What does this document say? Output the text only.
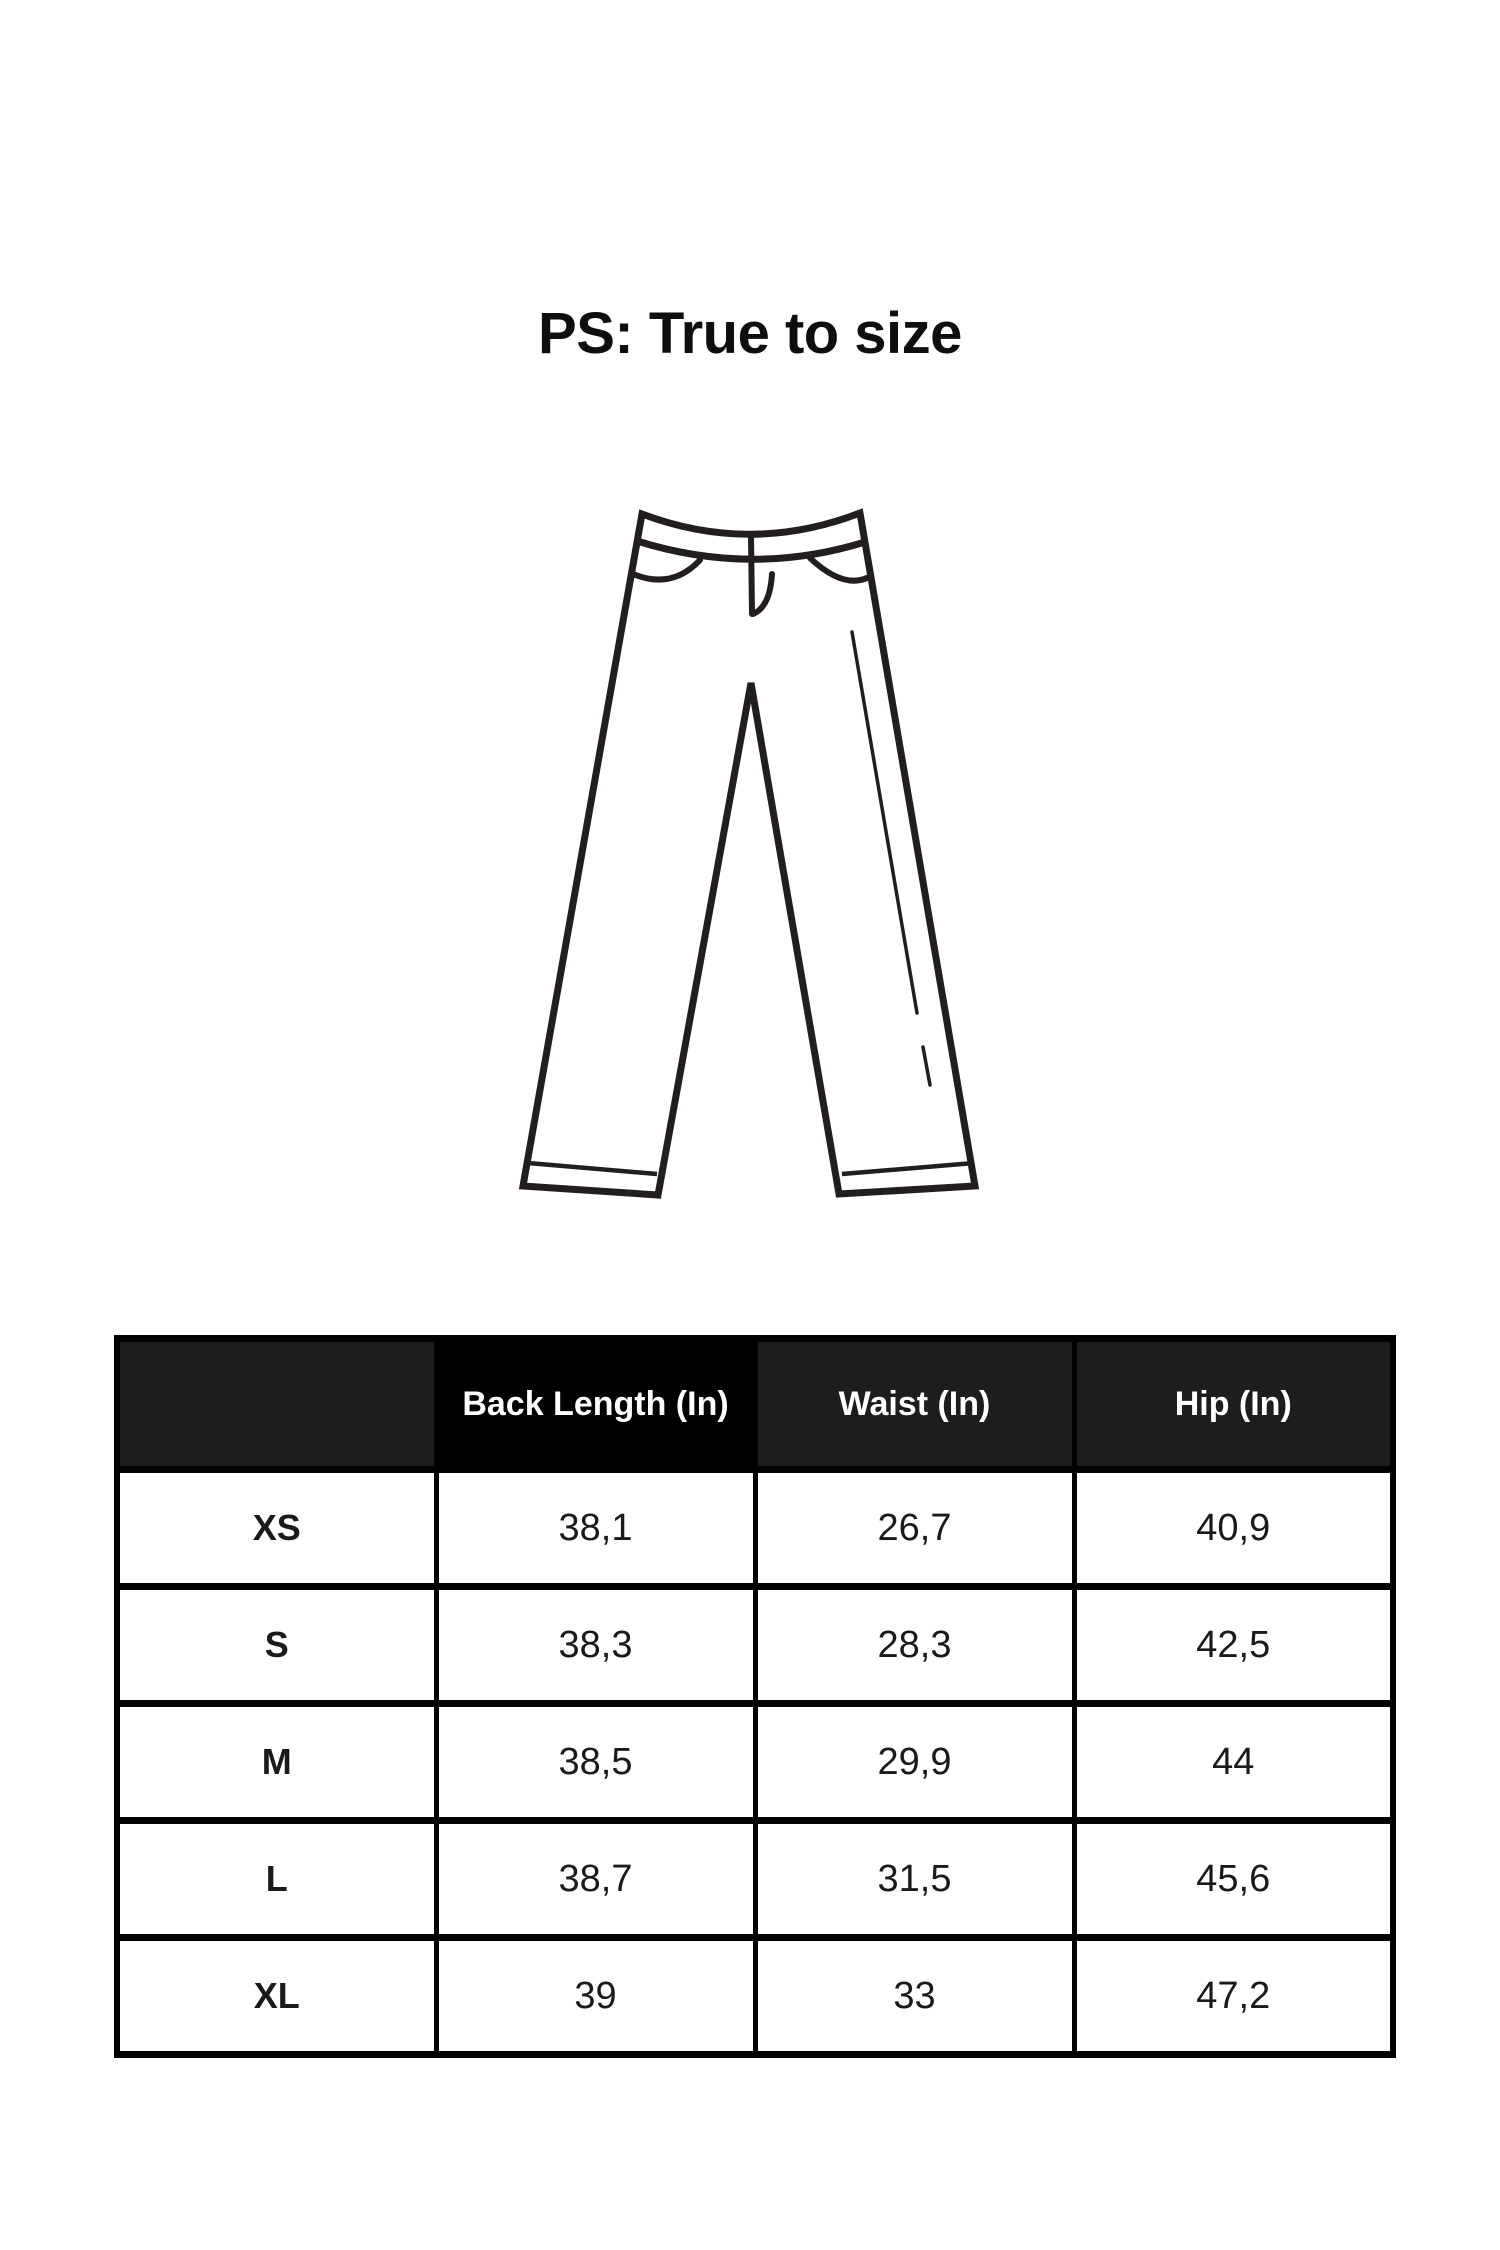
PS: True to size
	Back Length (In)	Waist (In)	Hip (In)
XS	38,1	26,7	40,9
S	38,3	28,3	42,5
M	38,5	29,9	44
L	38,7	31,5	45,6
XL	39	33	47,2
